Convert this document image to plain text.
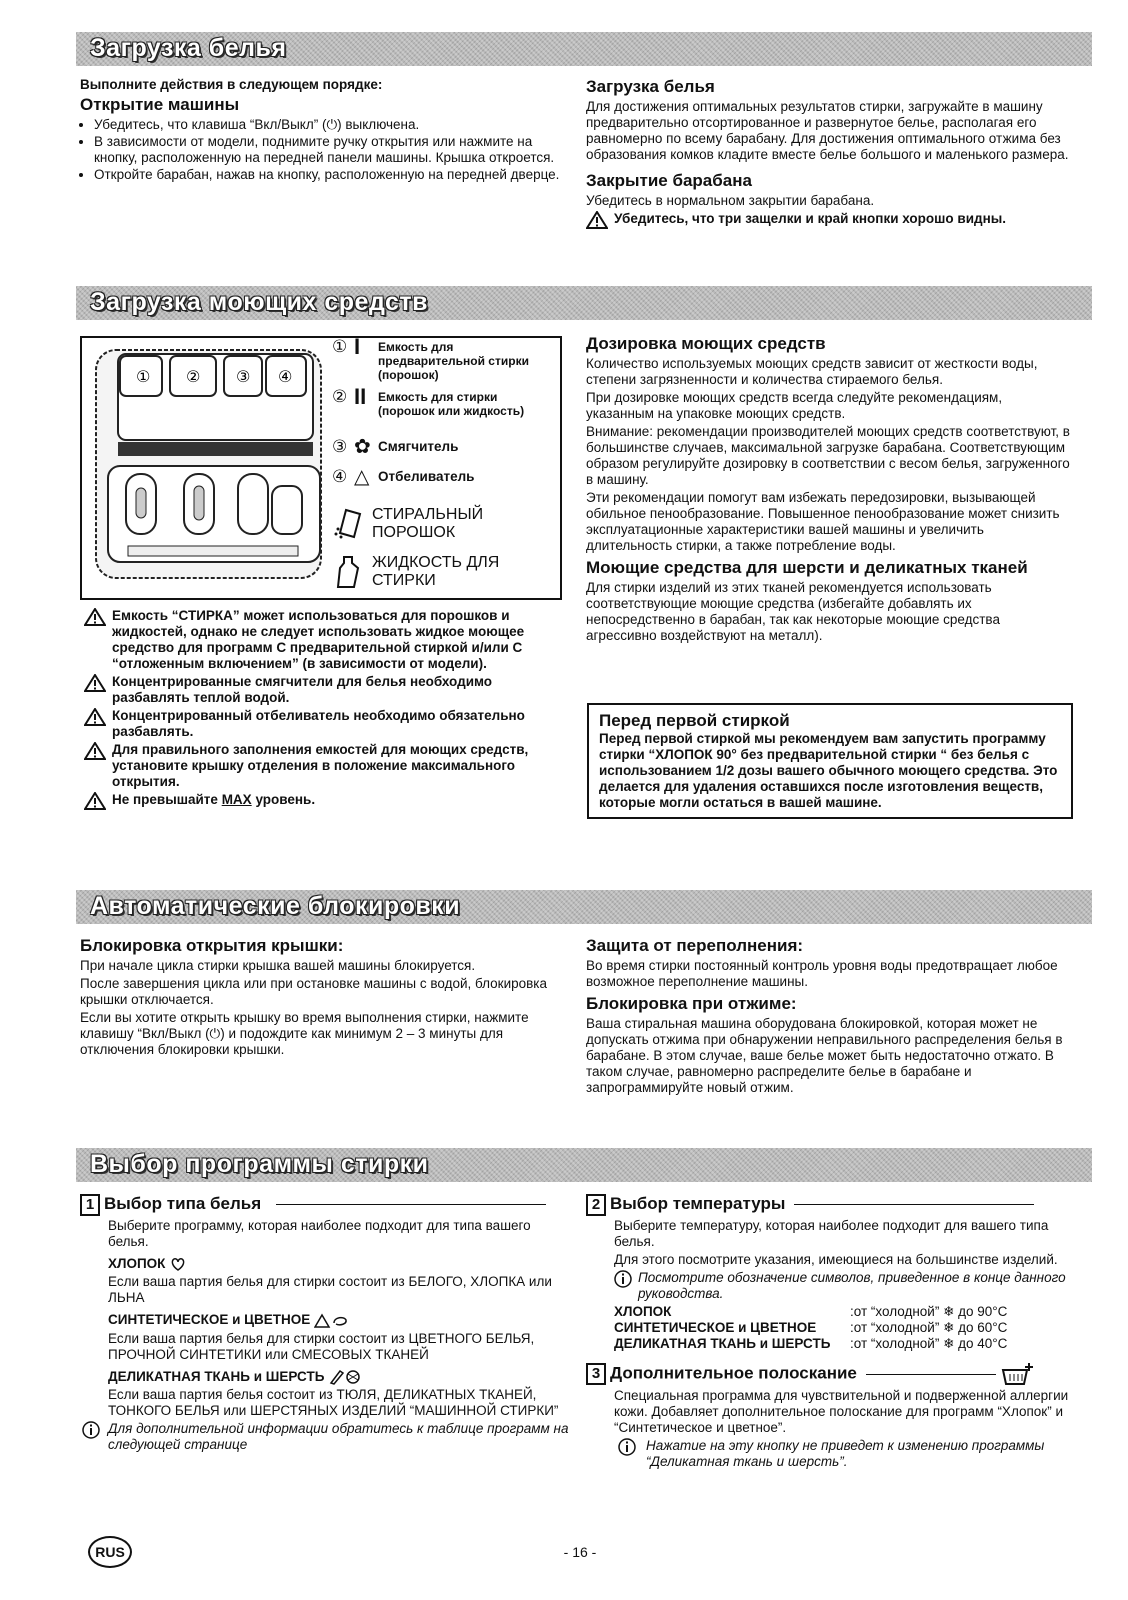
Загрузка белья

Выполните действия в следующем порядке:

Открытие машины

• Убедитесь, что клавиша “Вкл/Выкл” (⏻) выключена.
• В зависимости от модели, поднимите ручку открытия или нажмите на кнопку, расположенную на передней панели машины. Крышка откроется.
• Откройте барабан, нажав на кнопку, расположенную на передней дверце.

Загрузка белья

Для достижения оптимальных результатов стирки, загружайте в машину предварительно отсортированное и развернутое белье, располагая его равномерно по всему барабану. Для достижения оптимального отжима без образования комков кладите вместе белье большого и маленького размера.

Закрытие барабана

Убедитесь в нормальном закрытии барабана.

Убедитесь, что три защелки и край кнопки хорошо видны.
Загрузка моющих средств
① ② ③ ④
① I	Емкость для предварительной стирки (порошок)
② II Емкость для стирки (порошок или жидкость)
③ ✿ Смягчитель
④ △ Отбеливатель
СТИРАЛЬНЫЙ ПОРОШОК
ЖИДКОСТЬ ДЛЯ СТИРКИ
Емкость “СТИРКА” может использоваться для порошков и жидкостей, однако не следует использовать жидкое моющее средство для программ С предварительной стиркой и/или С “отложенным включением” (в зависимости от модели).
Концентрированные смягчители для белья необходимо разбавлять теплой водой.
Концентрированный отбеливатель необходимо обязательно разбавлять.
Для правильного заполнения емкостей для моющих средств, установите крышку отделения в положение максимального открытия.
Не превышайте MAX уровень.

Дозировка моющих средств

Количество используемых моющих средств зависит от жесткости воды, степени загрязненности и количества стираемого белья.

При дозировке моющих средств всегда следуйте рекомендациям, указанным на упаковке моющих средств.

Внимание: рекомендации производителей моющих средств соответствуют, в большинстве случаев, максимальной загрузке барабана. Соответствующим образом регулируйте дозировку в соответствии с весом белья, загруженного в машину.

Эти рекомендации помогут вам избежать передозировки, вызывающей обильное пенообразование. Повышенное пенообразование может снизить эксплуатационные характеристики вашей машины и увеличить длительность стирки, а также потребление воды.

Моющие средства для шерсти и деликатных тканей

Для стирки изделий из этих тканей рекомендуется использовать соответствующие моющие средства (избегайте добавлять их непосредственно в барабан, так как некоторые моющие средства агрессивно воздействуют на металл).

Перед первой стиркой

Перед первой стиркой мы рекомендуем вам запустить программу стирки “ХЛОПОК 90° без предварительной стирки “ без белья с использованием 1/2 дозы вашего обычного моющего средства. Это делается для удаления оставшихся после изготовления веществ, которые могли остаться в вашей машине.

Автоматические блокировки

Блокировка открытия крышки:

При начале цикла стирки крышка вашей машины блокируется.

После завершения цикла или при остановке машины с водой, блокировка крышки отключается.

Если вы хотите открыть крышку во время выполнения стирки, нажмите клавишу “Вкл/Выкл (⏻) и подождите как минимум 2 – 3 минуты для отключения блокировки крышки.

Защита от переполнения:

Во время стирки постоянный контроль уровня воды предотвращает любое возможное переполнение машины.

Блокировка при отжиме:

Ваша стиральная машина оборудована блокировкой, которая может не допускать отжима при обнаружении неправильного распределения белья в барабане. В этом случае, ваше белье может быть недостаточно отжато. В таком случае, равномерно распределите белье в барабане и запрограммируйте новый отжим.

Выбор программы стирки

1 Выбор типа белья

Выберите программу, которая наиболее подходит для типа вашего белья.

ХЛОПОК

Если ваша партия белья для стирки состоит из БЕЛОГО, ХЛОПКА или ЛЬНА

СИНТЕТИЧЕСКОЕ и ЦВЕТНОЕ

Если ваша партия белья для стирки состоит из ЦВЕТНОГО БЕЛЬЯ, ПРОЧНОЙ СИНТЕТИКИ или СМЕСОВЫХ ТКАНЕЙ

ДЕЛИКАТНАЯ ТКАНЬ и ШЕРСТЬ

Если ваша партия белья состоит из ТЮЛЯ, ДЕЛИКАТНЫХ ТКАНЕЙ, ТОНКОГО БЕЛЬЯ или ШЕРСТЯНЫХ ИЗДЕЛИЙ “МАШИННОЙ СТИРКИ”

Для дополнительной информации обратитесь к таблице программ на следующей странице

2 Выбор температуры

Выберите температуру, которая наиболее подходит для вашего типа белья.

Для этого посмотрите указания, имеющиеся на большинстве изделий.

Посмотрите обозначение символов, приведенное в конце данного руководства.

ХЛОПОК	:от “холодной” ❄ до 90°C
СИНТЕТИЧЕСКОЕ и ЦВЕТНОЕ	:от “холодной” ❄ до 60°C
ДЕЛИКАТНАЯ ТКАНЬ и ШЕРСТЬ	:от “холодной” ❄ до 40°C

3 Дополнительное полоскание

Специальная программа для чувствительной и подверженной аллергии кожи. Добавляет дополнительное полоскание для программ “Хлопок” и “Синтетическое и цветное”.

Нажатие на эту кнопку не приведет к изменению программы “Деликатная ткань и шерсть”.

RUS	- 16 -
